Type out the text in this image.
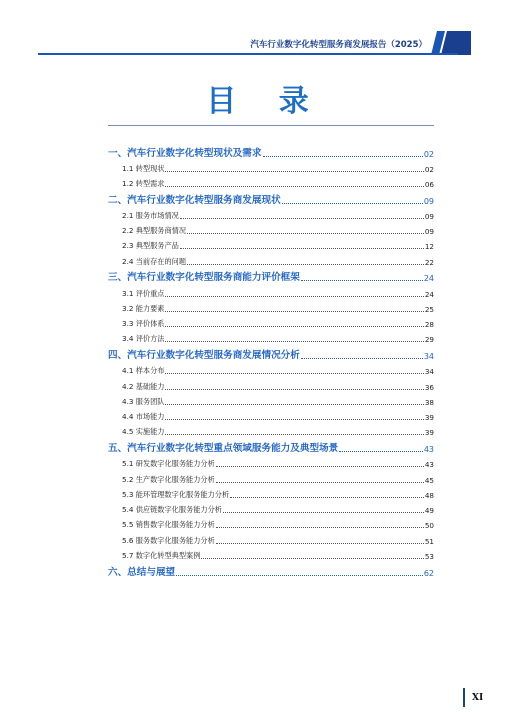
汽车行业数字化转型服务商发展报告（2025）
目 录
一、汽车行业数字化转型现状及需求	02
1.1 转型现状	02
1.2 转型需求	06
二、汽车行业数字化转型服务商发展现状	09
2.1 服务市场情况	09
2.2 典型服务商情况	09
2.3 典型服务产品	12
2.4 当前存在的问题	22
三、汽车行业数字化转型服务商能力评价框架	24
3.1 评价重点	24
3.2 能力要素	25
3.3 评价体系	28
3.4 评价方法	29
四、汽车行业数字化转型服务商发展情况分析	34
4.1 样本分布	34
4.2 基础能力	36
4.3 服务团队	38
4.4 市场能力	39
4.5 实施能力	39
五、汽车行业数字化转型重点领域服务能力及典型场景	43
5.1 研发数字化服务能力分析	43
5.2 生产数字化服务能力分析	45
5.3 能环管理数字化服务能力分析	48
5.4 供应链数字化服务能力分析	49
5.5 销售数字化服务能力分析	50
5.6 服务数字化服务能力分析	51
5.7 数字化转型典型案例	53
六、总结与展望	62
XI
